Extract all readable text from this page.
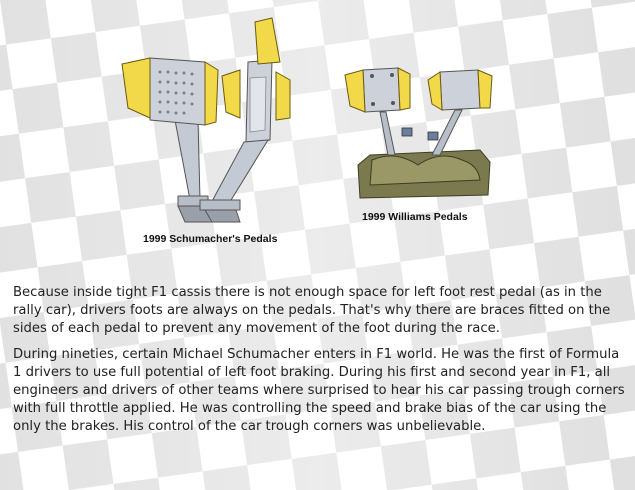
1999 Schumacher's Pedals
1999 Williams Pedals

Because inside tight F1 cassis there is not enough space for left foot rest pedal (as in the rally car), drivers foots are always on the pedals. That's why there are braces fitted on the sides of each pedal to prevent any movement of the foot during the race.

During nineties, certain Michael Schumacher enters in F1 world. He was the first of Formula 1 drivers to use full potential of left foot braking. During his first and second year in F1, all engineers and drivers of other teams where surprised to hear his car passing trough corners with full throttle applied. He was controlling the speed and brake bias of the car using the only the brakes. His control of the car trough corners was unbelievable.
